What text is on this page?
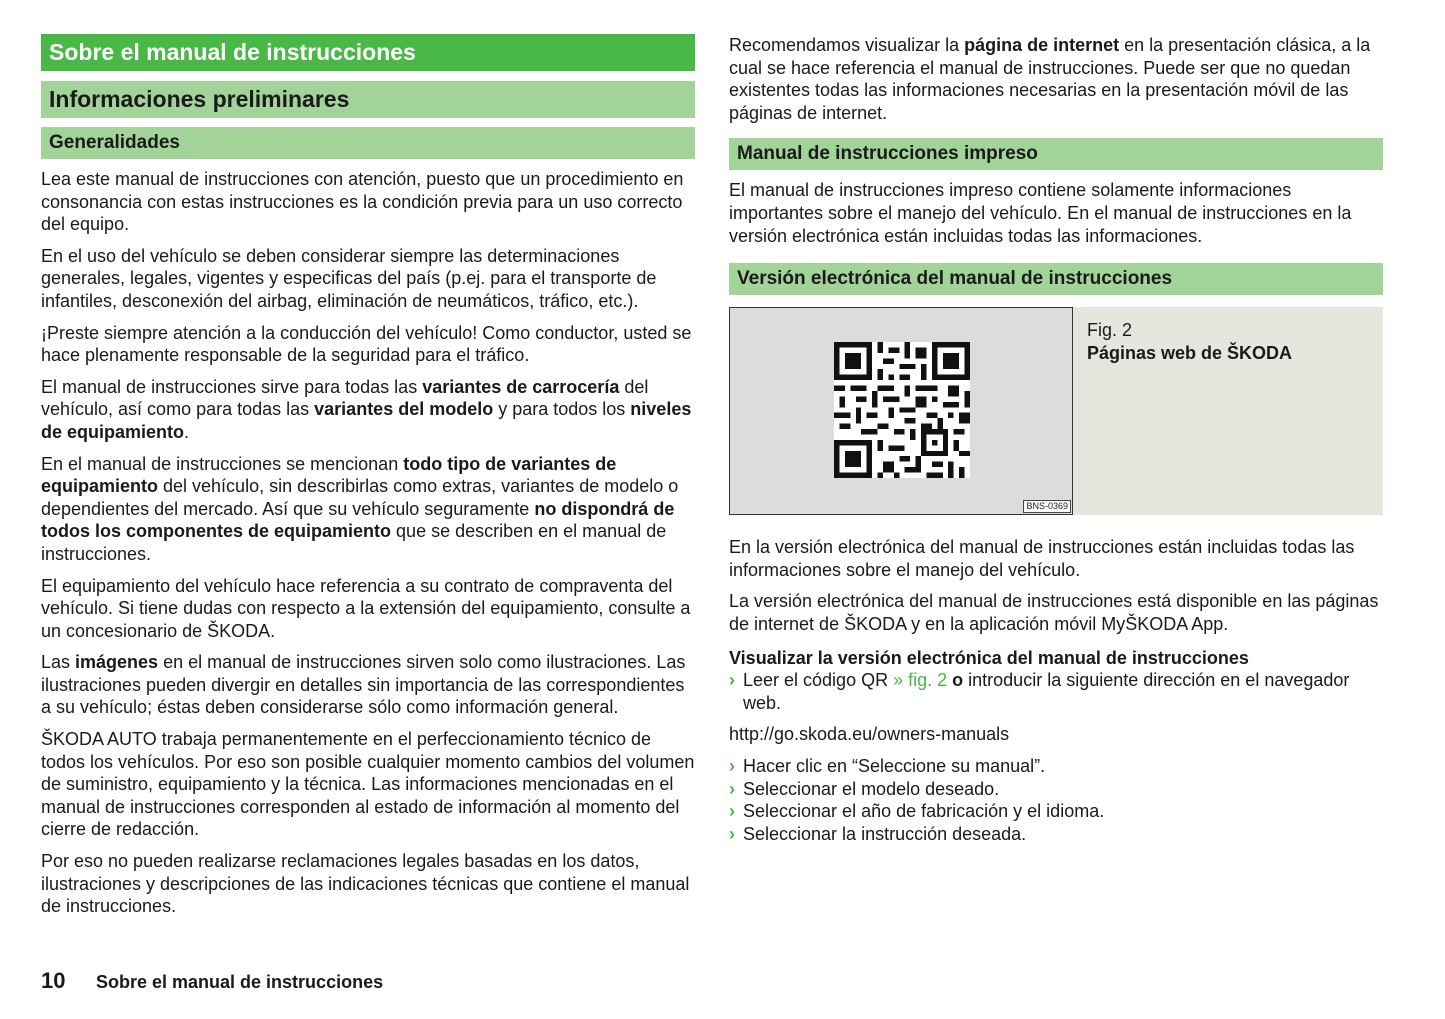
Sobre el manual de instrucciones
Informaciones preliminares
Generalidades

Lea este manual de instrucciones con atención, puesto que un procedimiento en consonancia con estas instrucciones es la condición previa para un uso correcto del equipo.

En el uso del vehículo se deben considerar siempre las determinaciones generales, legales, vigentes y especificas del país (p.ej. para el transporte de infantiles, desconexión del airbag, eliminación de neumáticos, tráfico, etc.).

¡Preste siempre atención a la conducción del vehículo! Como conductor, usted se hace plenamente responsable de la seguridad para el tráfico.

El manual de instrucciones sirve para todas las variantes de carrocería del vehículo, así como para todas las variantes del modelo y para todos los niveles de equipamiento.

En el manual de instrucciones se mencionan todo tipo de variantes de equipamiento del vehículo, sin describirlas como extras, variantes de modelo o dependientes del mercado. Así que su vehículo seguramente no dispondrá de todos los componentes de equipamiento que se describen en el manual de instrucciones.

El equipamiento del vehículo hace referencia a su contrato de compraventa del vehículo. Si tiene dudas con respecto a la extensión del equipamiento, consulte a un concesionario de ŠKODA.

Las imágenes en el manual de instrucciones sirven solo como ilustraciones. Las ilustraciones pueden divergir en detalles sin importancia de las correspondientes a su vehículo; éstas deben considerarse sólo como información general.

ŠKODA AUTO trabaja permanentemente en el perfeccionamiento técnico de todos los vehículos. Por eso son posible cualquier momento cambios del volumen de suministro, equipamiento y la técnica. Las informaciones mencionadas en el manual de instrucciones corresponden al estado de información al momento del cierre de redacción.

Por eso no pueden realizarse reclamaciones legales basadas en los datos, ilustraciones y descripciones de las indicaciones técnicas que contiene el manual de instrucciones.

Recomendamos visualizar la página de internet en la presentación clásica, a la cual se hace referencia el manual de instrucciones. Puede ser que no quedan existentes todas las informaciones necesarias en la presentación móvil de las páginas de internet.

Manual de instrucciones impreso

El manual de instrucciones impreso contiene solamente informaciones importantes sobre el manejo del vehículo. En el manual de instrucciones en la versión electrónica están incluidas todas las informaciones.

Versión electrónica del manual de instrucciones
BNS-0369
Fig. 2
Páginas web de ŠKODA

En la versión electrónica del manual de instrucciones están incluidas todas las informaciones sobre el manejo del vehículo.

La versión electrónica del manual de instrucciones está disponible en las páginas de internet de ŠKODA y en la aplicación móvil MyŠKODA App.

Visualizar la versión electrónica del manual de instrucciones
› Leer el código QR » fig. 2 o introducir la siguiente dirección en el navegador web.

http://go.skoda.eu/owners-manuals

› Hacer clic en “Seleccione su manual”.
› Seleccionar el modelo deseado.
› Seleccionar el año de fabricación y el idioma.
› Seleccionar la instrucción deseada.
10	Sobre el manual de instrucciones
